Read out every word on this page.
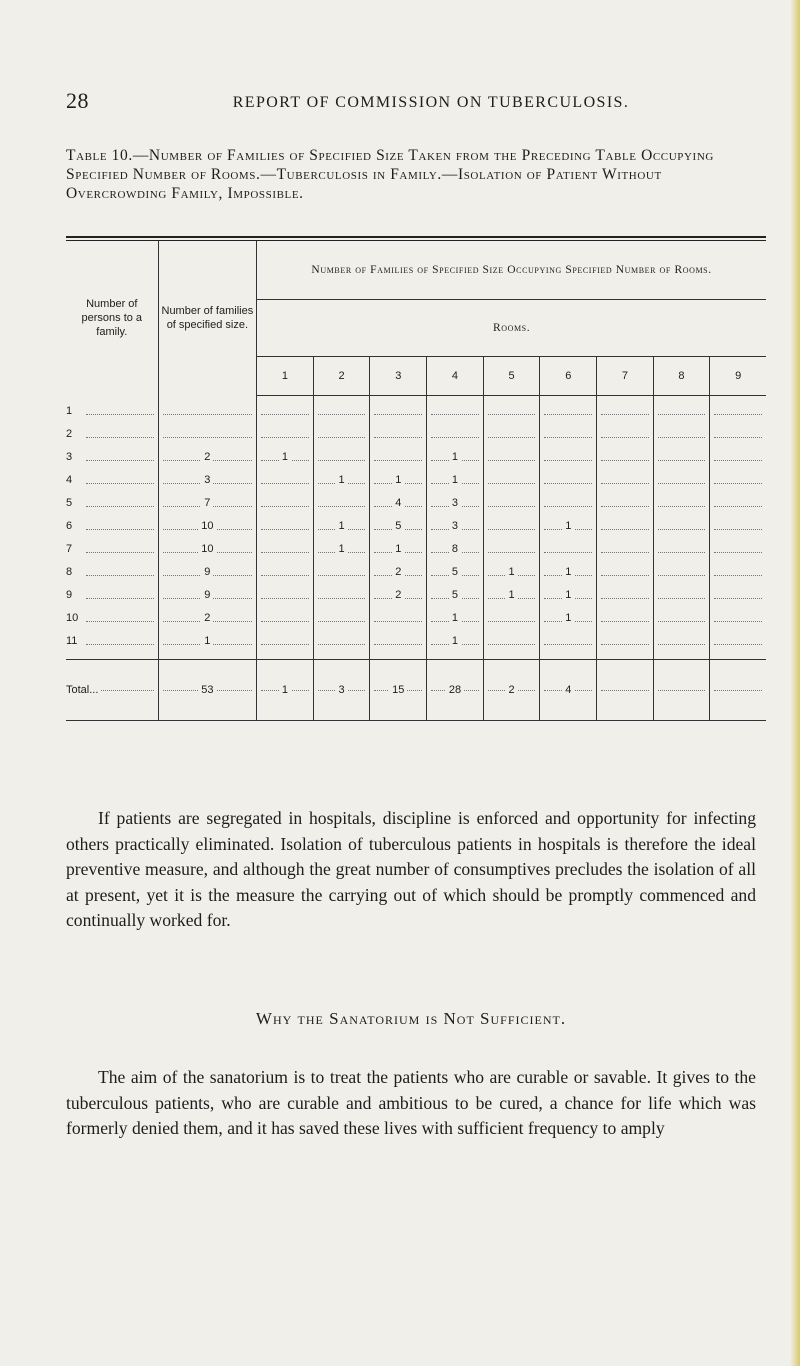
28	REPORT OF COMMISSION ON TUBERCULOSIS.
Table 10.—Number of Families of Specified Size Taken from the Preceding Table Occupying Specified Number of Rooms.—Tuberculosis in Family.—Isolation of Patient Without Overcrowding Family, Impossible.
Number of persons to a family.	Number of families of specified size.	Number of Families of Specified Size Occupying Specified Number of Rooms.								
		Rooms.								
		1	2	3	4	5	6	7	8	9

1	

2	

3	2	1			1	

4	3		1	1	1	

5	7			4	3	

6	10		1	5	3		1	

7	10		1	1	8	

8	9			2	5	1	1	

9	9			2	5	1	1	

10	2				1		1	

11	1				1	

Total...	53	1	3	15	28	2	4	

If patients are segregated in hospitals, discipline is enforced and opportunity for infecting others practically eliminated. Isolation of tuberculous patients in hospitals is therefore the ideal preventive measure, and although the great number of consumptives precludes the isolation of all at present, yet it is the measure the carrying out of which should be promptly commenced and continually worked for.
Why the Sanatorium is Not Sufficient.
The aim of the sanatorium is to treat the patients who are curable or savable. It gives to the tuberculous patients, who are curable and ambitious to be cured, a chance for life which was formerly denied them, and it has saved these lives with sufficient frequency to amply
